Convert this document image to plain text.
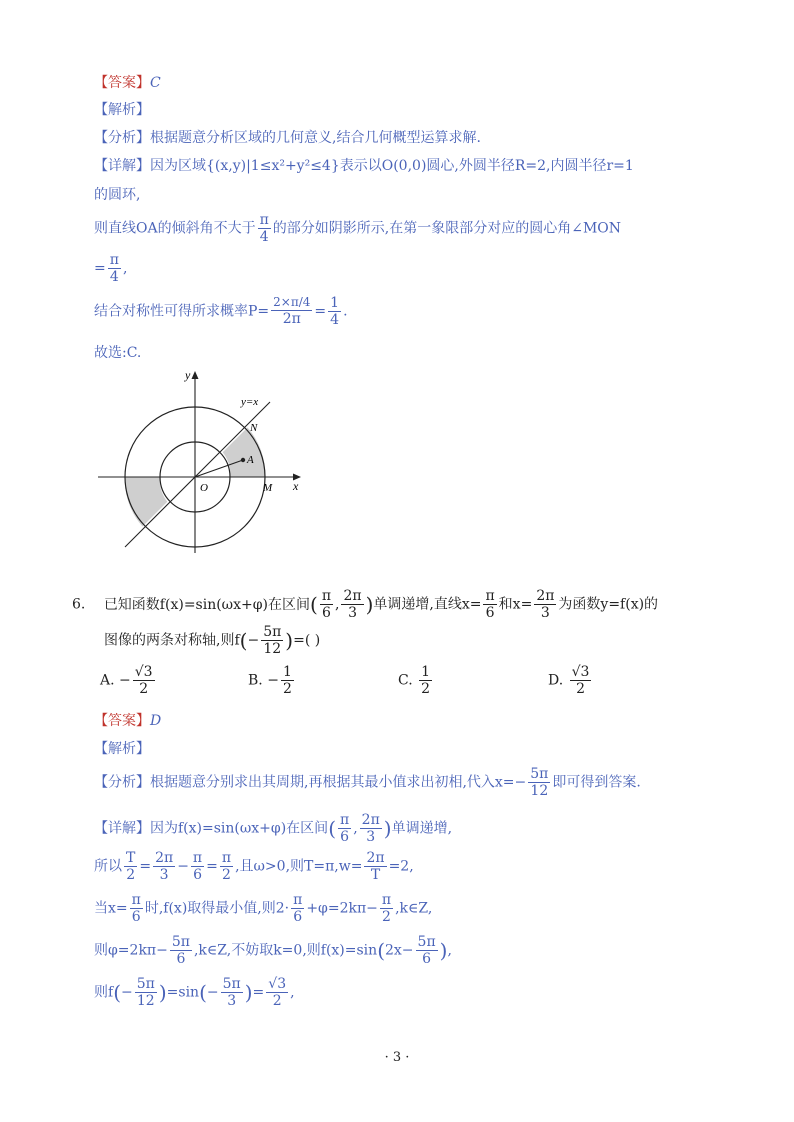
【答案】C
【解析】
【分析】根据题意分析区域的几何意义,结合几何概型运算求解.
【详解】因为区域{(x,y)|1≤x²+y²≤4}表示以O(0,0)圆心,外圆半径R=2,内圆半径r=1
的圆环,
则直线OA的倾斜角不大于 $\frac{\pi}{4}$ 的部分如阴影所示,在第一象限部分对应的圆心角∠MON
= $\frac{\pi}{4}$ ,
结合对称性可得所求概率$P= \frac{2\times\pi/4}{2\pi} = \frac{1}{4}$ .
故选:C.
y
x
y=x
N
A
O	M
6. 已知函数f(x)=sin(ωx+φ)在区间( $\frac{\pi}{6}$ , $\frac{2\pi}{3}$ )单调递增,直线$x= \frac{\pi}{6}$ 和$x= \frac{2\pi}{3}$ 为函数y=f(x)的
图像的两条对称轴,则$f(- \frac{5\pi}{12}$ )=( )
A. − $\frac{√3}{2}$	B. − $\frac{1}{2}$	C. $\frac{1}{2}$	D. $\frac{√3}{2}$
【答案】D
【解析】
【分析】根据题意分别求出其周期,再根据其最小值求出初相,代入$x=- \frac{5\pi}{12}$ 即可得到答案.
【详解】因为f(x)=sin(ωx+φ)在区间( $\frac{\pi}{6}$ , $\frac{2\pi}{3}$ )单调递增,
所以 $\frac{T}{2} = \frac{2\pi}{3} - \frac{\pi}{6} = \frac{\pi}{2}$ ,且ω>0,则$T=\pi,w= \frac{2\pi}{T} =2$,
当$x= \frac{\pi}{6}$ 时,f(x)取得最小值,则$2\cdot \frac{\pi}{6} +\varphi=2k\pi- \frac{\pi}{2}$ ,k∈Z,
则$\varphi=2k\pi- \frac{5\pi}{6}$ ,k∈Z,不妨取k=0,则$f(x)=\sin(2x- \frac{5\pi}{6}$ ),
则$f(- \frac{5\pi}{12} )=\sin(- \frac{5\pi}{3}$ )= $\frac{√3}{2}$ ,
· 3 ·
